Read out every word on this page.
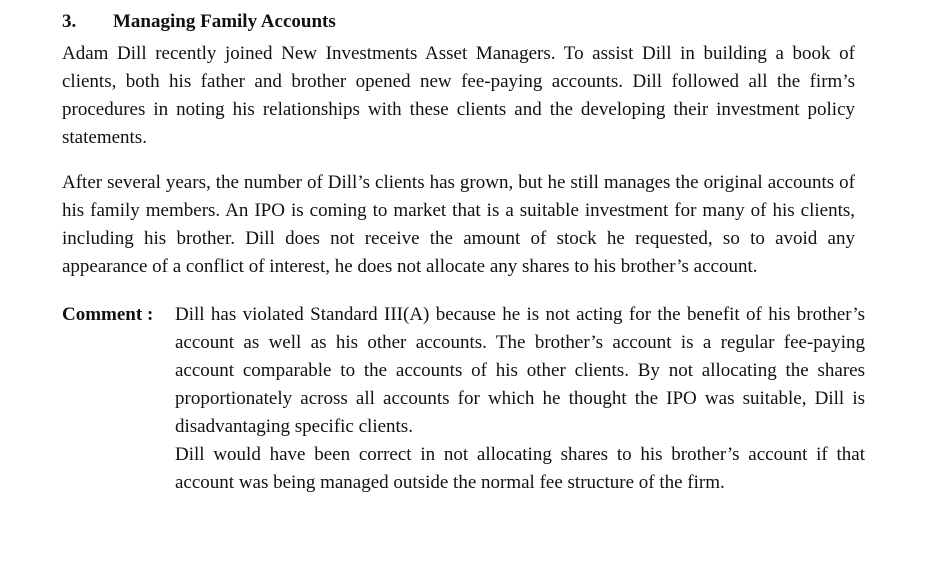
3.	Managing Family Accounts

Adam Dill recently joined New Investments Asset Managers. To assist Dill in building a book of clients, both his father and brother opened new fee-paying accounts. Dill followed all the firm’s procedures in noting his relationships with these clients and the developing their investment policy statements.

After several years, the number of Dill’s clients has grown, but he still manages the original accounts of his family members. An IPO is coming to market that is a suitable investment for many of his clients, including his brother. Dill does not receive the amount of stock he requested, so to avoid any appearance of a conflict of interest, he does not allocate any shares to his brother’s account.

Comment :	Dill has violated Standard III(A) because he is not acting for the benefit of his brother’s account as well as his other accounts. The brother’s account is a regular fee-paying account comparable to the accounts of his other clients. By not allocating the shares proportionately across all accounts for which he thought the IPO was suitable, Dill is disadvantaging specific clients.

Dill would have been correct in not allocating shares to his brother’s account if that account was being managed outside the normal fee structure of the firm.
